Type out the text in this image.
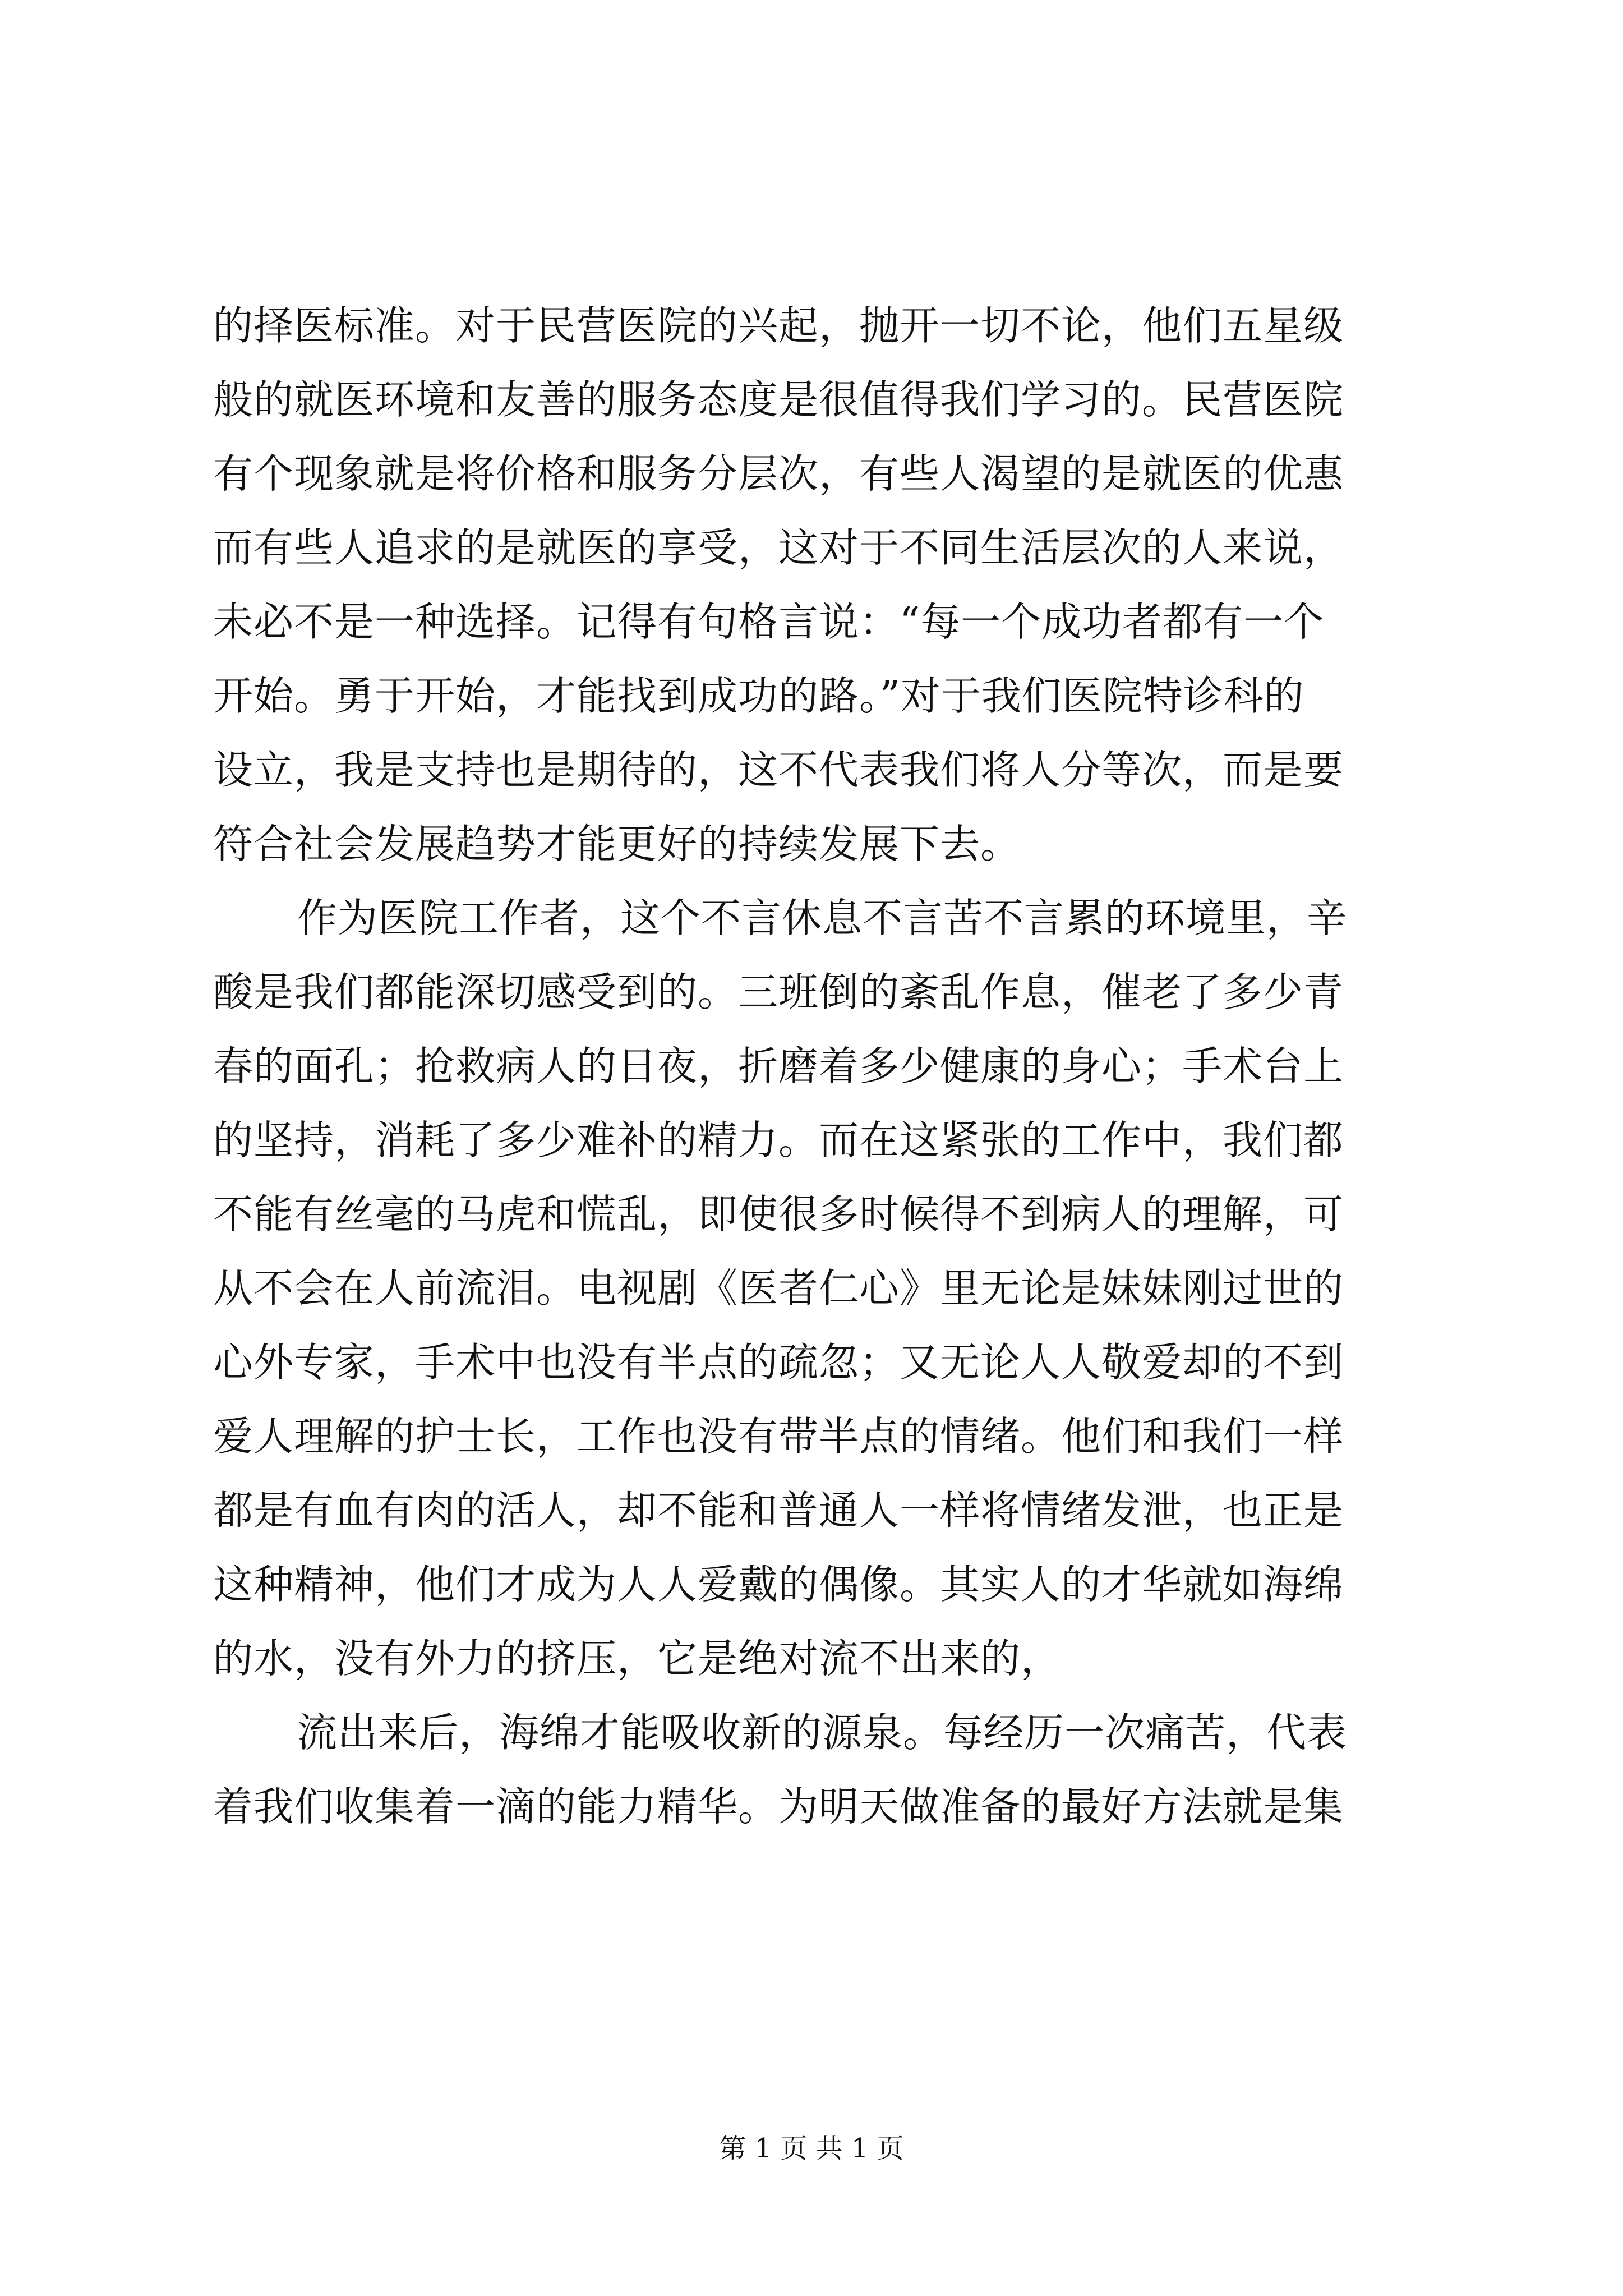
的择医标准。对于民营医院的兴起，抛开一切不论，他们五星级
般的就医环境和友善的服务态度是很值得我们学习的。民营医院
有个现象就是将价格和服务分层次，有些人渴望的是就医的优惠
而有些人追求的是就医的享受，这对于不同生活层次的人来说，
未必不是一种选择。记得有句格言说：“每一个成功者都有一个
开始。勇于开始，才能找到成功的路。”对于我们医院特诊科的
设立，我是支持也是期待的，这不代表我们将人分等次，而是要
符合社会发展趋势才能更好的持续发展下去。
作为医院工作者，这个不言休息不言苦不言累的环境里，辛
酸是我们都能深切感受到的。三班倒的紊乱作息，催老了多少青
春的面孔；抢救病人的日夜，折磨着多少健康的身心；手术台上
的坚持，消耗了多少难补的精力。而在这紧张的工作中，我们都
不能有丝毫的马虎和慌乱，即使很多时候得不到病人的理解，可
从不会在人前流泪。电视剧《医者仁心》里无论是妹妹刚过世的
心外专家，手术中也没有半点的疏忽；又无论人人敬爱却的不到
爱人理解的护士长，工作也没有带半点的情绪。他们和我们一样
都是有血有肉的活人，却不能和普通人一样将情绪发泄，也正是
这种精神，他们才成为人人爱戴的偶像。其实人的才华就如海绵
的水，没有外力的挤压，它是绝对流不出来的，
流出来后，海绵才能吸收新的源泉。每经历一次痛苦，代表
着我们收集着一滴的能力精华。为明天做准备的最好方法就是集
第 1 页 共 1 页
